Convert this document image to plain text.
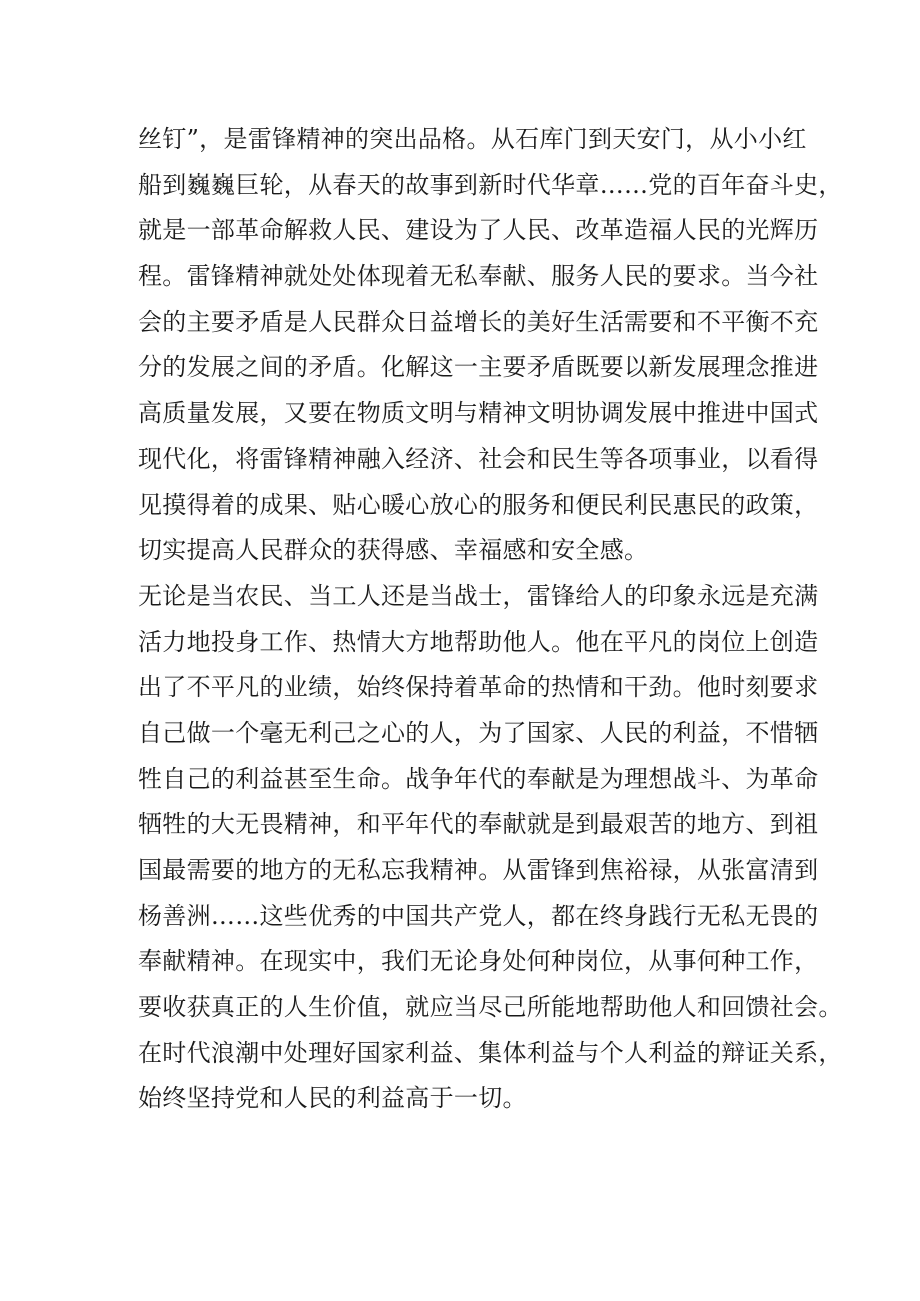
丝钉”，是雷锋精神的突出品格。从石库门到天安门，从小小红
船到巍巍巨轮，从春天的故事到新时代华章……党的百年奋斗史，
就是一部革命解救人民、建设为了人民、改革造福人民的光辉历
程。雷锋精神就处处体现着无私奉献、服务人民的要求。当今社
会的主要矛盾是人民群众日益增长的美好生活需要和不平衡不充
分的发展之间的矛盾。化解这一主要矛盾既要以新发展理念推进
高质量发展，又要在物质文明与精神文明协调发展中推进中国式
现代化，将雷锋精神融入经济、社会和民生等各项事业，以看得
见摸得着的成果、贴心暖心放心的服务和便民利民惠民的政策，
切实提高人民群众的获得感、幸福感和安全感。
无论是当农民、当工人还是当战士，雷锋给人的印象永远是充满
活力地投身工作、热情大方地帮助他人。他在平凡的岗位上创造
出了不平凡的业绩，始终保持着革命的热情和干劲。他时刻要求
自己做一个毫无利己之心的人，为了国家、人民的利益，不惜牺
牲自己的利益甚至生命。战争年代的奉献是为理想战斗、为革命
牺牲的大无畏精神，和平年代的奉献就是到最艰苦的地方、到祖
国最需要的地方的无私忘我精神。从雷锋到焦裕禄，从张富清到
杨善洲……这些优秀的中国共产党人，都在终身践行无私无畏的
奉献精神。在现实中，我们无论身处何种岗位，从事何种工作，
要收获真正的人生价值，就应当尽己所能地帮助他人和回馈社会。
在时代浪潮中处理好国家利益、集体利益与个人利益的辩证关系，
始终坚持党和人民的利益高于一切。
